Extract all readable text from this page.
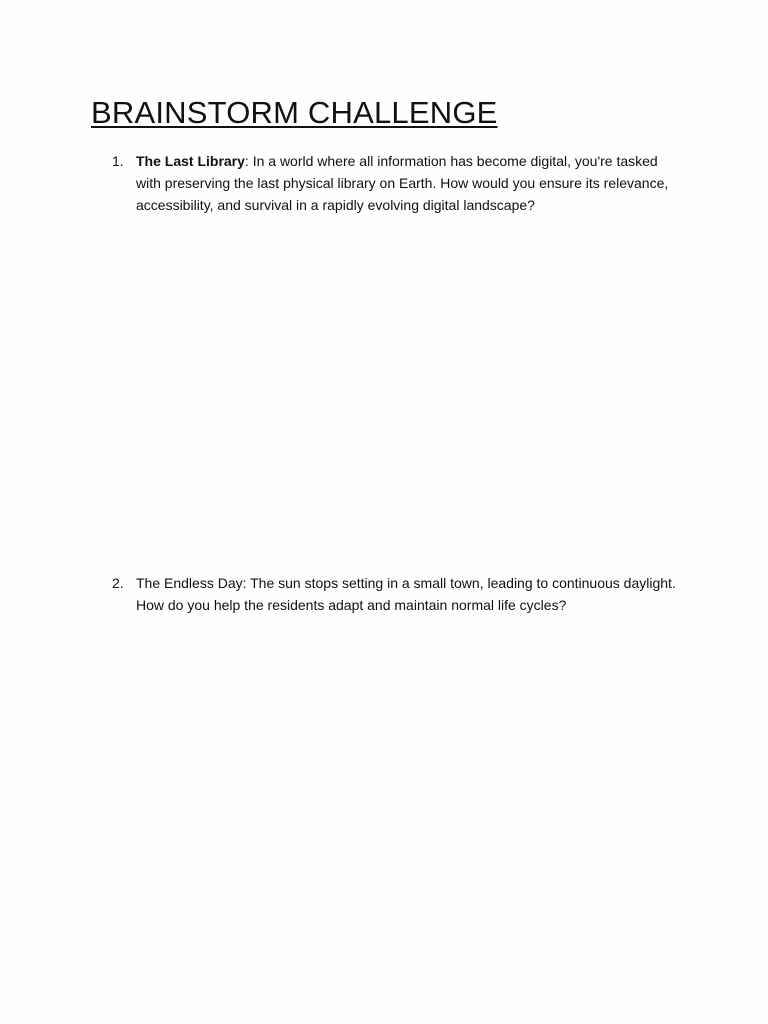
BRAINSTORM CHALLENGE
1. The Last Library: In a world where all information has become digital, you're tasked with preserving the last physical library on Earth. How would you ensure its relevance, accessibility, and survival in a rapidly evolving digital landscape?
2. The Endless Day: The sun stops setting in a small town, leading to continuous daylight. How do you help the residents adapt and maintain normal life cycles?
